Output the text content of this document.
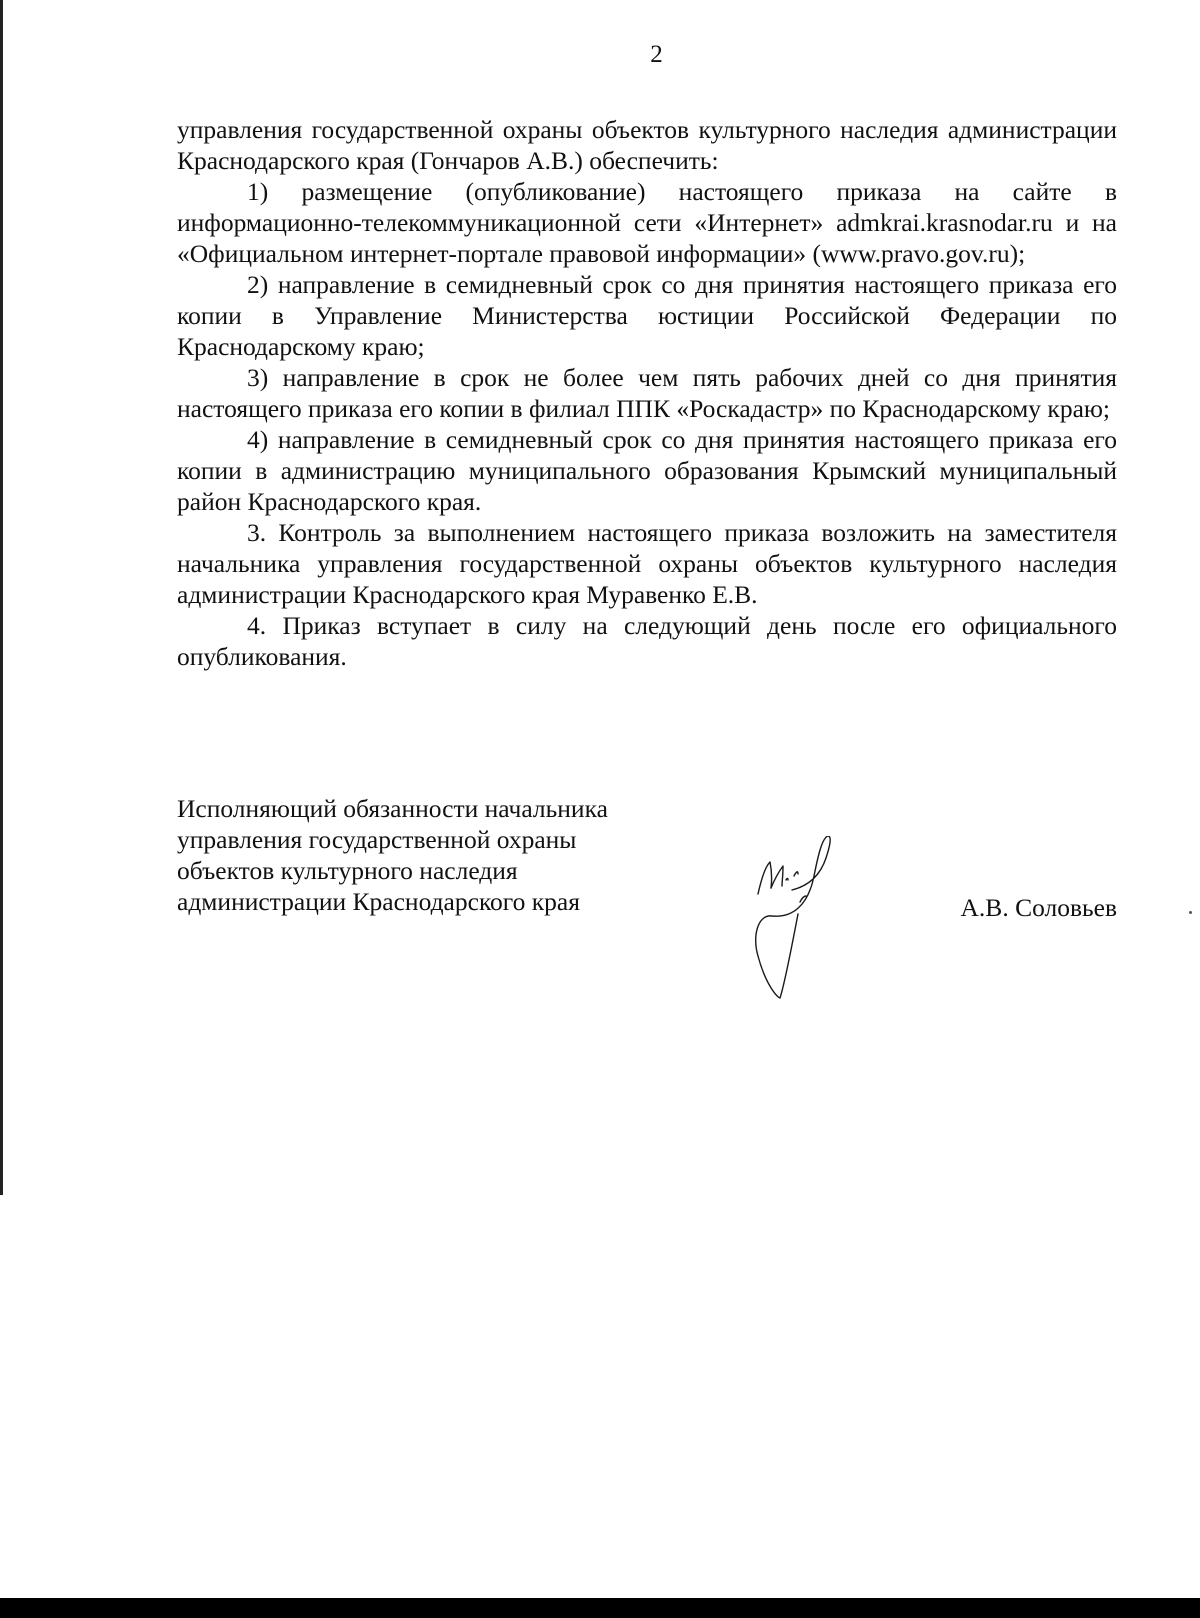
2

управления государственной охраны объектов культурного наследия администрации Краснодарского края (Гончаров А.В.) обеспечить:

1) размещение (опубликование) настоящего приказа на сайте в информационно-телекоммуникационной сети «Интернет» admkrai.krasnodar.ru и на «Официальном интернет-портале правовой информации» (www.pravo.gov.ru);

2) направление в семидневный срок со дня принятия настоящего приказа его копии в Управление Министерства юстиции Российской Федерации по Краснодарскому краю;

3) направление в срок не более чем пять рабочих дней со дня принятия настоящего приказа его копии в филиал ППК «Роскадастр» по Краснодарскому краю;

4) направление в семидневный срок со дня принятия настоящего приказа его копии в администрацию муниципального образования Крымский муниципальный район Краснодарского края.

3. Контроль за выполнением настоящего приказа возложить на заместителя начальника управления государственной охраны объектов культурного наследия администрации Краснодарского края Муравенко Е.В.

4. Приказ вступает в силу на следующий день после его официального опубликования.

Исполняющий обязанности начальника
управления государственной охраны
объектов культурного наследия
администрации Краснодарского края	А.В. Соловьев
